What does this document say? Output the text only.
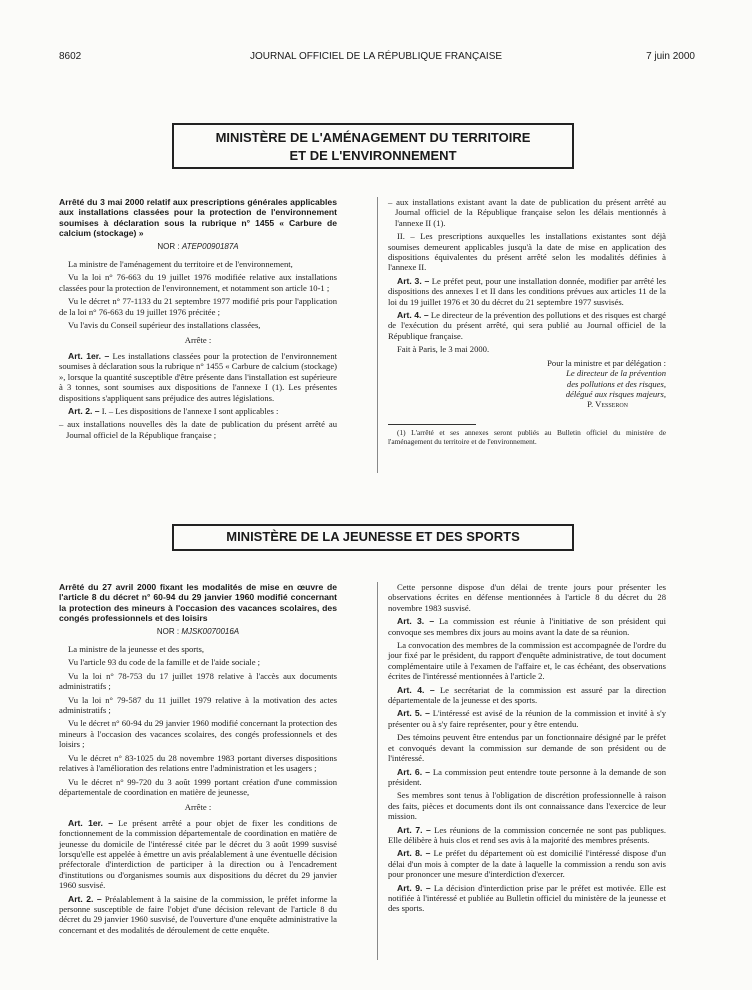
8602	JOURNAL OFFICIEL DE LA RÉPUBLIQUE FRANÇAISE	7 juin 2000
MINISTÈRE DE L'AMÉNAGEMENT DU TERRITOIRE
ET DE L'ENVIRONNEMENT
Arrêté du 3 mai 2000 relatif aux prescriptions générales applicables aux installations classées pour la protection de l'environnement soumises à déclaration sous la rubrique n° 1455 « Carbure de calcium (stockage) »
NOR : ATEP0090187A

La ministre de l'aménagement du territoire et de l'environnement,

Vu la loi n° 76-663 du 19 juillet 1976 modifiée relative aux installations classées pour la protection de l'environnement, et notamment son article 10-1 ;

Vu le décret n° 77-1133 du 21 septembre 1977 modifié pris pour l'application de la loi n° 76-663 du 19 juillet 1976 précitée ;

Vu l'avis du Conseil supérieur des installations classées,

Arrête :

Art. 1er. – Les installations classées pour la protection de l'environnement soumises à déclaration sous la rubrique n° 1455 « Carbure de calcium (stockage) », lorsque la quantité susceptible d'être présente dans l'installation est supérieure à 3 tonnes, sont soumises aux dispositions de l'annexe I (1). Les présentes dispositions s'appliquent sans préjudice des autres législations.

Art. 2. – I. – Les dispositions de l'annexe I sont applicables :

– aux installations nouvelles dès la date de publication du présent arrêté au Journal officiel de la République française ;

– aux installations existant avant la date de publication du présent arrêté au Journal officiel de la République française selon les délais mentionnés à l'annexe II (1).

II. – Les prescriptions auxquelles les installations existantes sont déjà soumises demeurent applicables jusqu'à la date de mise en application des dispositions équivalentes du présent arrêté selon les modalités définies à l'annexe II.

Art. 3. – Le préfet peut, pour une installation donnée, modifier par arrêté les dispositions des annexes I et II dans les conditions prévues aux articles 11 de la loi du 19 juillet 1976 et 30 du décret du 21 septembre 1977 susvisés.

Art. 4. – Le directeur de la prévention des pollutions et des risques est chargé de l'exécution du présent arrêté, qui sera publié au Journal officiel de la République française.

Fait à Paris, le 3 mai 2000.

Pour la ministre et par délégation :
Le directeur de la prévention
des pollutions et des risques,
délégué aux risques majeurs,
P. Vesseron

(1) L'arrêté et ses annexes seront publiés au Bulletin officiel du ministère de l'aménagement du territoire et de l'environnement.

MINISTÈRE DE LA JEUNESSE ET DES SPORTS
Arrêté du 27 avril 2000 fixant les modalités de mise en œuvre de l'article 8 du décret n° 60-94 du 29 janvier 1960 modifié concernant la protection des mineurs à l'occasion des vacances scolaires, des congés professionnels et des loisirs
NOR : MJSK0070016A

La ministre de la jeunesse et des sports,

Vu l'article 93 du code de la famille et de l'aide sociale ;

Vu la loi n° 78-753 du 17 juillet 1978 relative à l'accès aux documents administratifs ;

Vu la loi n° 79-587 du 11 juillet 1979 relative à la motivation des actes administratifs ;

Vu le décret n° 60-94 du 29 janvier 1960 modifié concernant la protection des mineurs à l'occasion des vacances scolaires, des congés professionnels et des loisirs ;

Vu le décret n° 83-1025 du 28 novembre 1983 portant diverses dispositions relatives à l'amélioration des relations entre l'administration et les usagers ;

Vu le décret n° 99-720 du 3 août 1999 portant création d'une commission départementale de coordination en matière de jeunesse,

Arrête :

Art. 1er. – Le présent arrêté a pour objet de fixer les conditions de fonctionnement de la commission départementale de coordination en matière de jeunesse du domicile de l'intéressé citée par le décret du 3 août 1999 susvisé lorsqu'elle est appelée à émettre un avis préalablement à une éventuelle décision préfectorale d'interdiction de participer à la direction ou à l'encadrement d'institutions ou d'organismes soumis aux dispositions du décret du 29 janvier 1960 susvisé.

Art. 2. – Préalablement à la saisine de la commission, le préfet informe la personne susceptible de faire l'objet d'une décision relevant de l'article 8 du décret du 29 janvier 1960 susvisé, de l'ouverture d'une enquête administrative la concernant et des modalités de déroulement de cette enquête.

Cette personne dispose d'un délai de trente jours pour présenter les observations écrites en défense mentionnées à l'article 8 du décret du 28 novembre 1983 susvisé.

Art. 3. – La commission est réunie à l'initiative de son président qui convoque ses membres dix jours au moins avant la date de sa réunion.

La convocation des membres de la commission est accompagnée de l'ordre du jour fixé par le président, du rapport d'enquête administrative, de tout document complémentaire utile à l'examen de l'affaire et, le cas échéant, des observations écrites de l'intéressé mentionnées à l'article 2.

Art. 4. – Le secrétariat de la commission est assuré par la direction départementale de la jeunesse et des sports.

Art. 5. – L'intéressé est avisé de la réunion de la commission et invité à s'y présenter ou à s'y faire représenter, pour y être entendu.

Des témoins peuvent être entendus par un fonctionnaire désigné par le préfet et convoqués devant la commission sur demande de son président ou de l'intéressé.

Art. 6. – La commission peut entendre toute personne à la demande de son président.

Ses membres sont tenus à l'obligation de discrétion professionnelle à raison des faits, pièces et documents dont ils ont connaissance dans l'exercice de leur mission.

Art. 7. – Les réunions de la commission concernée ne sont pas publiques. Elle délibère à huis clos et rend ses avis à la majorité des membres présents.

Art. 8. – Le préfet du département où est domicilié l'intéressé dispose d'un délai d'un mois à compter de la date à laquelle la commission a rendu son avis pour prononcer une mesure d'interdiction d'exercer.

Art. 9. – La décision d'interdiction prise par le préfet est motivée. Elle est notifiée à l'intéressé et publiée au Bulletin officiel du ministère de la jeunesse et des sports.
